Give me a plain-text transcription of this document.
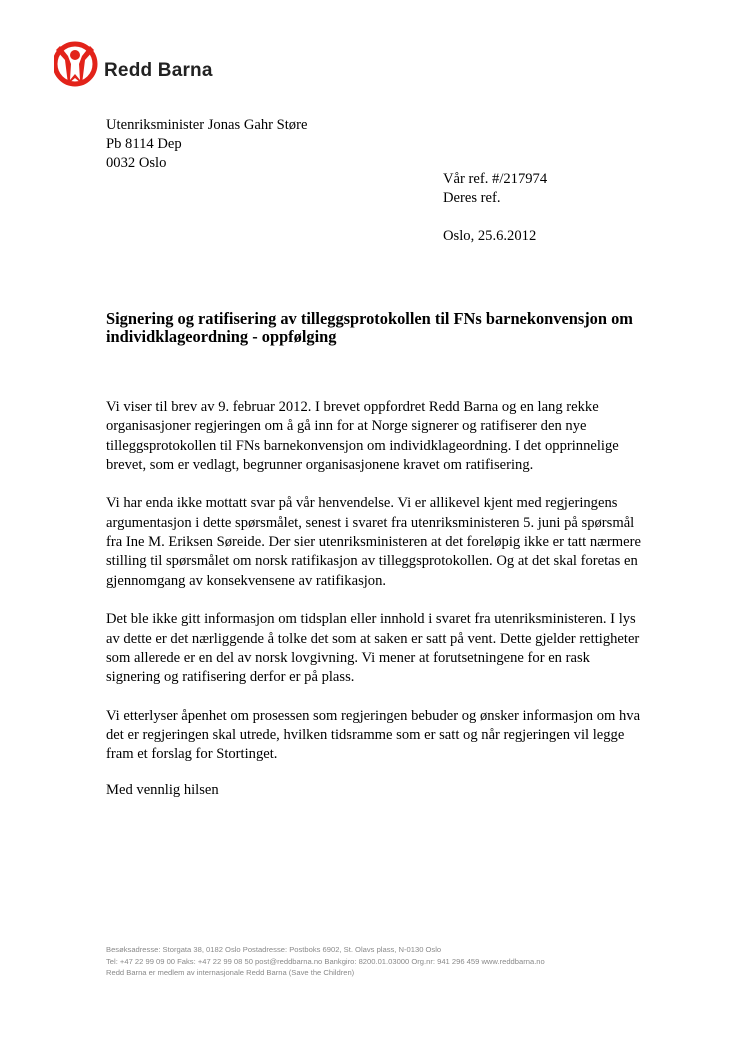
Redd Barna
Utenriksminister Jonas Gahr Støre
Pb 8114 Dep
0032 Oslo
Vår ref. #/217974
Deres ref.
Oslo, 25.6.2012
Signering og ratifisering av tilleggsprotokollen til FNs barnekonvensjon om individklageordning - oppfølging

Vi viser til brev av 9. februar 2012. I brevet oppfordret Redd Barna og en lang rekke
organisasjoner regjeringen om å gå inn for at Norge signerer og ratifiserer den nye
tilleggsprotokollen til FNs barnekonvensjon om individklageordning. I det opprinnelige
brevet, som er vedlagt, begrunner organisasjonene kravet om ratifisering.

Vi har enda ikke mottatt svar på vår henvendelse. Vi er allikevel kjent med regjeringens
argumentasjon i dette spørsmålet, senest i svaret fra utenriksministeren 5. juni på spørsmål
fra Ine M. Eriksen Søreide. Der sier utenriksministeren at det foreløpig ikke er tatt nærmere
stilling til spørsmålet om norsk ratifikasjon av tilleggsprotokollen. Og at det skal foretas en
gjennomgang av konsekvensene av ratifikasjon.

Det ble ikke gitt informasjon om tidsplan eller innhold i svaret fra utenriksministeren. I lys
av dette er det nærliggende å tolke det som at saken er satt på vent. Dette gjelder rettigheter
som allerede er en del av norsk lovgivning. Vi mener at forutsetningene for en rask
signering og ratifisering derfor er på plass.

Vi etterlyser åpenhet om prosessen som regjeringen bebuder og ønsker informasjon om hva
det er regjeringen skal utrede, hvilken tidsramme som er satt og når regjeringen vil legge
fram et forslag for Stortinget.

Med vennlig hilsen
Besøksadresse: Storgata 38, 0182 Oslo Postadresse: Postboks 6902, St. Olavs plass, N-0130 Oslo
Tel: +47 22 99 09 00 Faks: +47 22 99 08 50 post@reddbarna.no Bankgiro: 8200.01.03000 Org.nr: 941 296 459 www.reddbarna.no
Redd Barna er medlem av internasjonale Redd Barna (Save the Children)
